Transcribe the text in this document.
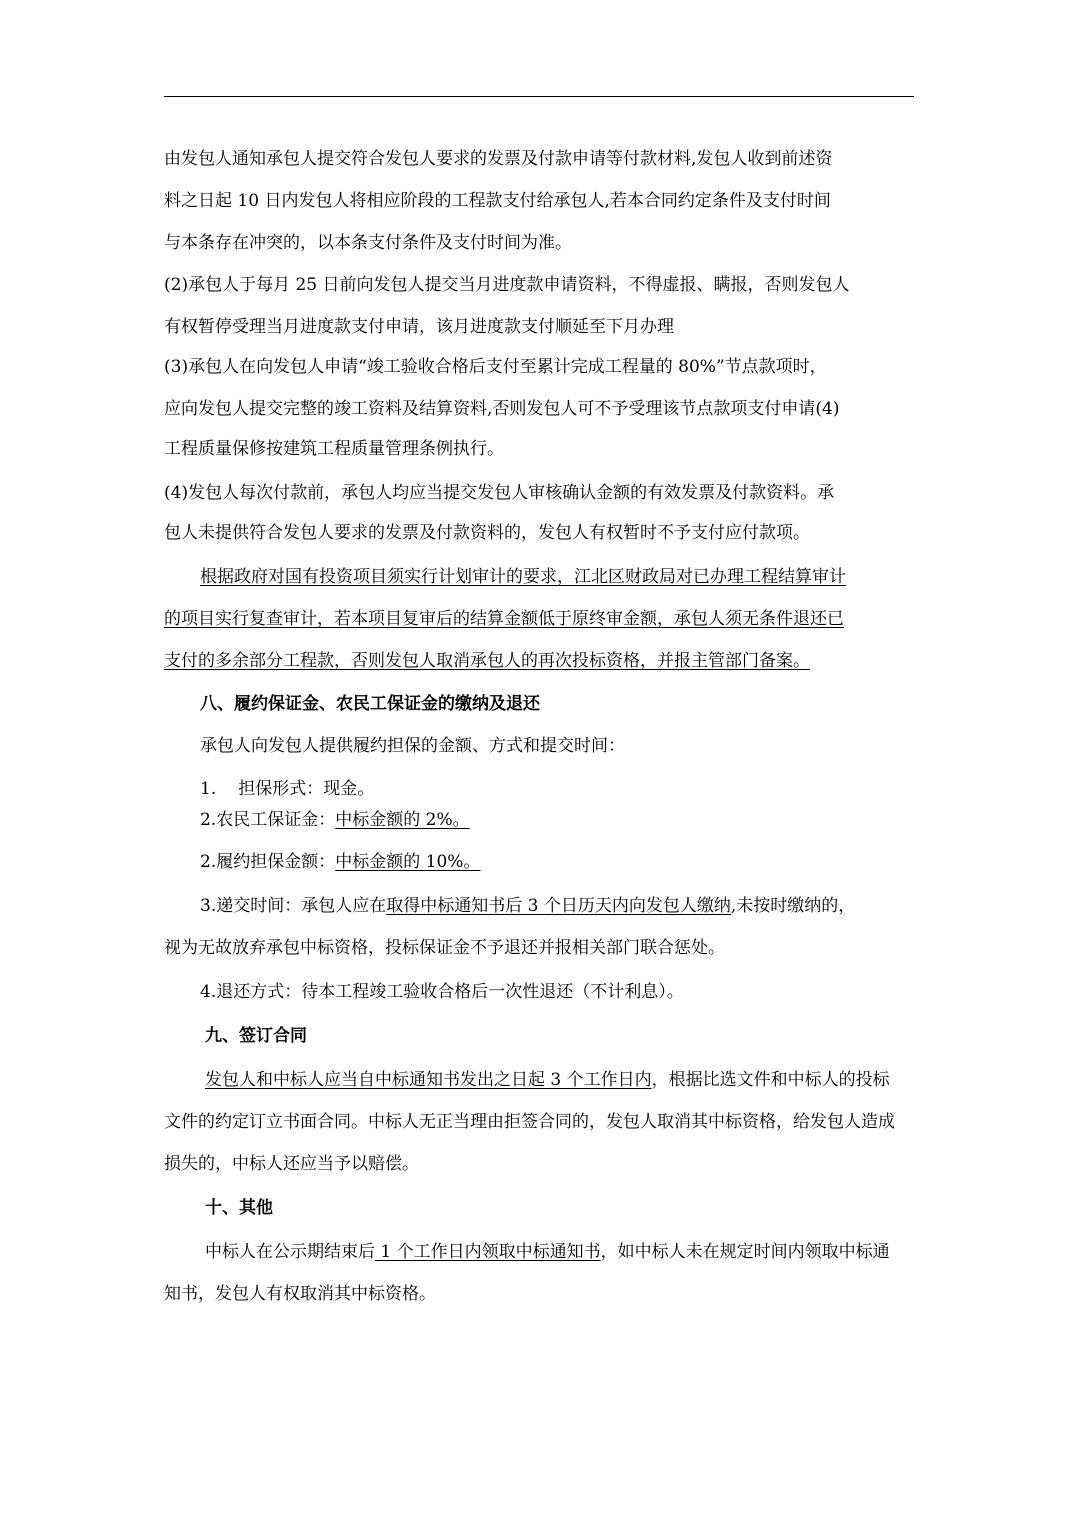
由发包人通知承包人提交符合发包人要求的发票及付款申请等付款材料,发包人收到前述资
料之日起 10 日内发包人将相应阶段的工程款支付给承包人,若本合同约定条件及支付时间
与本条存在冲突的，以本条支付条件及支付时间为准。
(2)承包人于每月 25 日前向发包人提交当月进度款申请资料，不得虚报、瞒报，否则发包人
有权暂停受理当月进度款支付申请，该月进度款支付顺延至下月办理
(3)承包人在向发包人申请“竣工验收合格后支付至累计完成工程量的 80%”节点款项时，
应向发包人提交完整的竣工资料及结算资料,否则发包人可不予受理该节点款项支付申请(4)
工程质量保修按建筑工程质量管理条例执行。
(4)发包人每次付款前，承包人均应当提交发包人审核确认金额的有效发票及付款资料。承
包人未提供符合发包人要求的发票及付款资料的，发包人有权暂时不予支付应付款项。
根据政府对国有投资项目须实行计划审计的要求，江北区财政局对已办理工程结算审计
的项目实行复查审计，若本项目复审后的结算金额低于原终审金额，承包人须无条件退还已
支付的多余部分工程款，否则发包人取消承包人的再次投标资格，并报主管部门备案。
八、履约保证金、农民工保证金的缴纳及退还
承包人向发包人提供履约担保的金额、方式和提交时间：
1. 担保形式：现金。
2.农民工保证金：中标金额的 2%。
2.履约担保金额：中标金额的 10%。
3.递交时间：承包人应在取得中标通知书后 3 个日历天内向发包人缴纳,未按时缴纳的，
视为无故放弃承包中标资格，投标保证金不予退还并报相关部门联合惩处。
4.退还方式：待本工程竣工验收合格后一次性退还（不计利息）。
九、签订合同
发包人和中标人应当自中标通知书发出之日起 3 个工作日内，根据比选文件和中标人的投标
文件的约定订立书面合同。中标人无正当理由拒签合同的，发包人取消其中标资格，给发包人造成
损失的，中标人还应当予以赔偿。
十、其他
中标人在公示期结束后 1 个工作日内领取中标通知书，如中标人未在规定时间内领取中标通
知书，发包人有权取消其中标资格。
